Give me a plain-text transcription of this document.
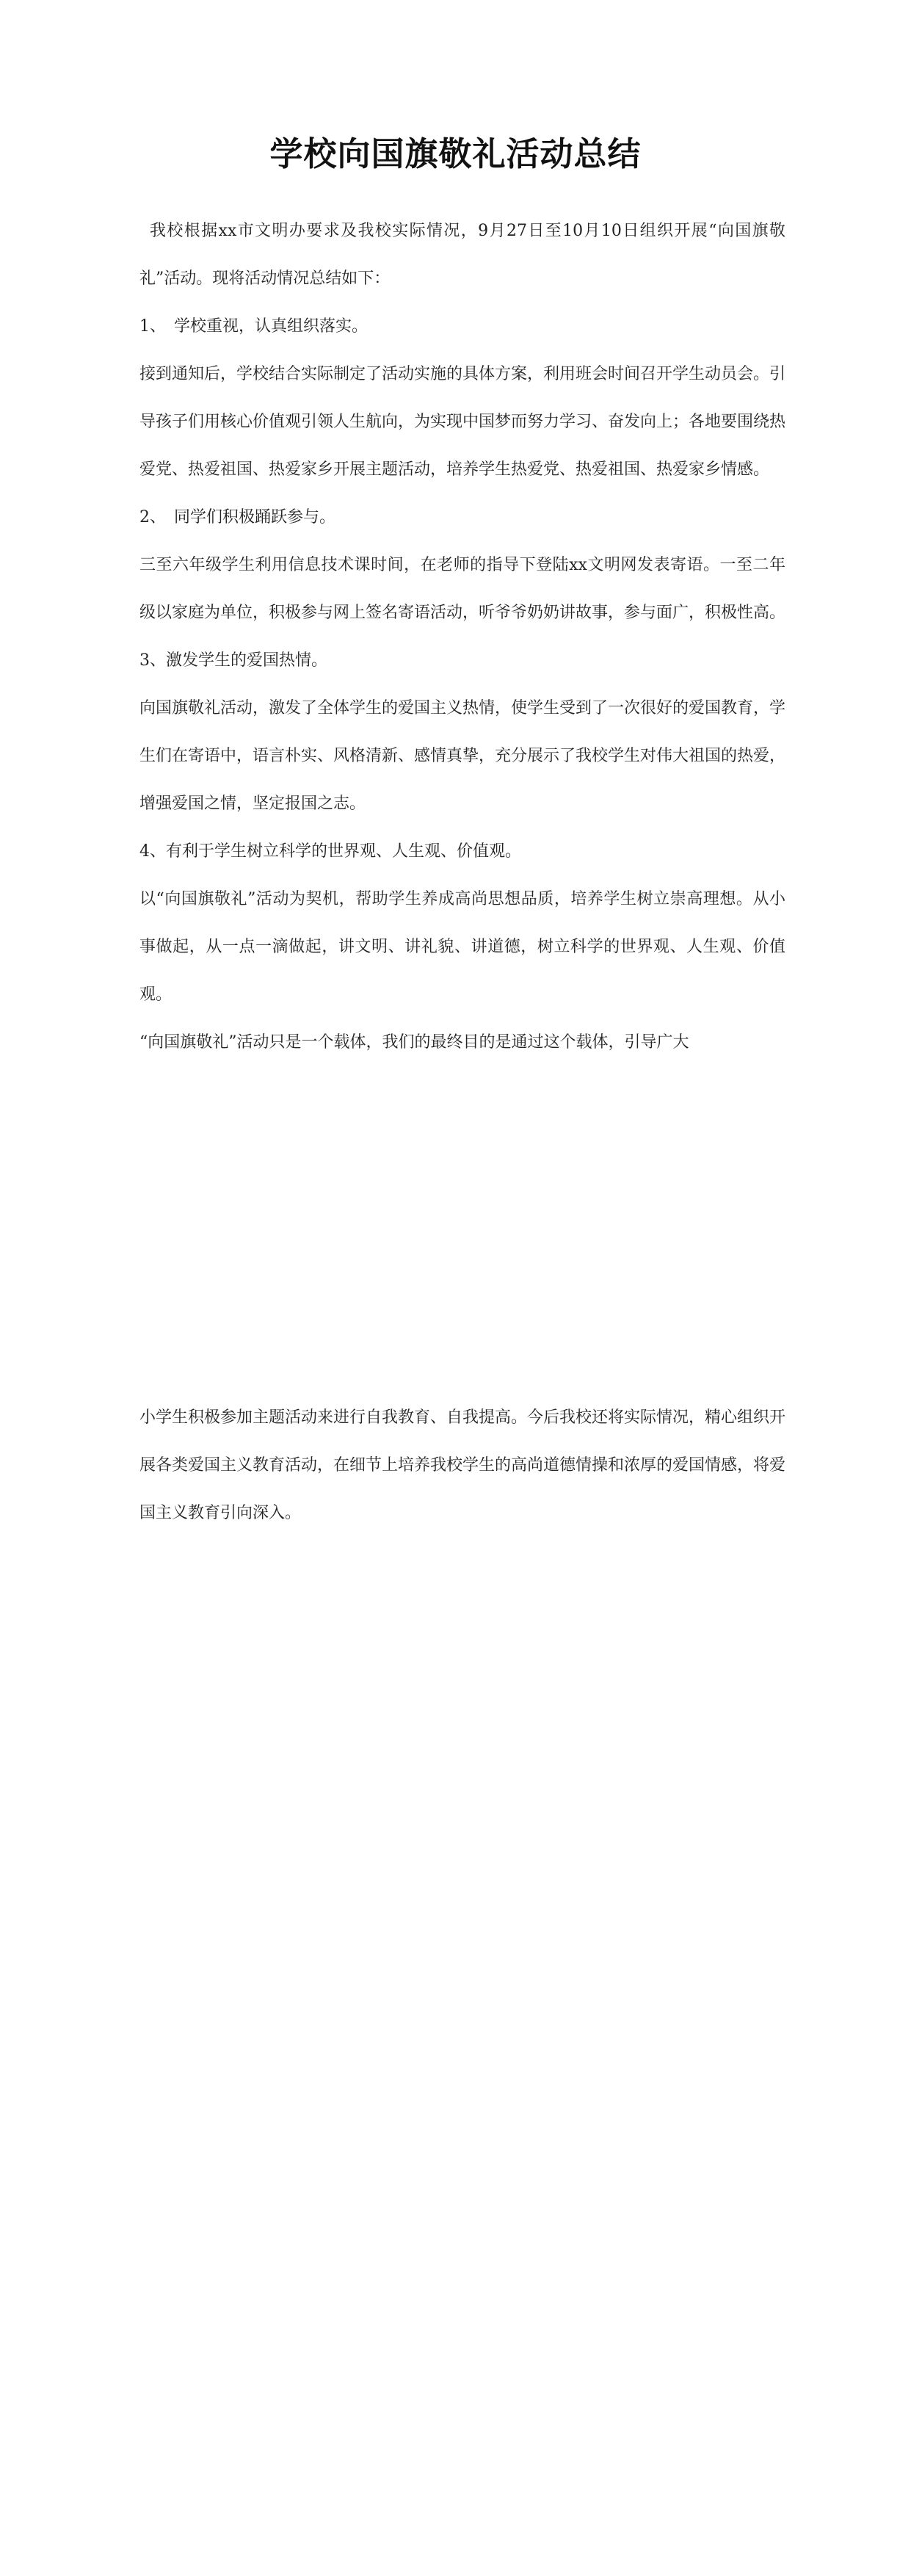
学校向国旗敬礼活动总结

我校根据xx市文明办要求及我校实际情况，9月27日至10月10日组织开展“向国旗敬礼”活动。现将活动情况总结如下：

1、　学校重视，认真组织落实。

接到通知后，学校结合实际制定了活动实施的具体方案，利用班会时间召开学生动员会。引导孩子们用核心价值观引领人生航向，为实现中国梦而努力学习、奋发向上；各地要围绕热爱党、热爱祖国、热爱家乡开展主题活动，培养学生热爱党、热爱祖国、热爱家乡情感。

2、　同学们积极踊跃参与。

三至六年级学生利用信息技术课时间，在老师的指导下登陆xx文明网发表寄语。一至二年级以家庭为单位，积极参与网上签名寄语活动，听爷爷奶奶讲故事，参与面广，积极性高。

3、激发学生的爱国热情。

向国旗敬礼活动，激发了全体学生的爱国主义热情，使学生受到了一次很好的爱国教育，学生们在寄语中，语言朴实、风格清新、感情真挚，充分展示了我校学生对伟大祖国的热爱，增强爱国之情，坚定报国之志。

4、有利于学生树立科学的世界观、人生观、价值观。

以“向国旗敬礼”活动为契机，帮助学生养成高尚思想品质，培养学生树立崇高理想。从小事做起，从一点一滴做起，讲文明、讲礼貌、讲道德，树立科学的世界观、人生观、价值观。

“向国旗敬礼”活动只是一个载体，我们的最终目的是通过这个载体，引导广大

小学生积极参加主题活动来进行自我教育、自我提高。今后我校还将实际情况，精心组织开展各类爱国主义教育活动，在细节上培养我校学生的高尚道德情操和浓厚的爱国情感，将爱国主义教育引向深入。
